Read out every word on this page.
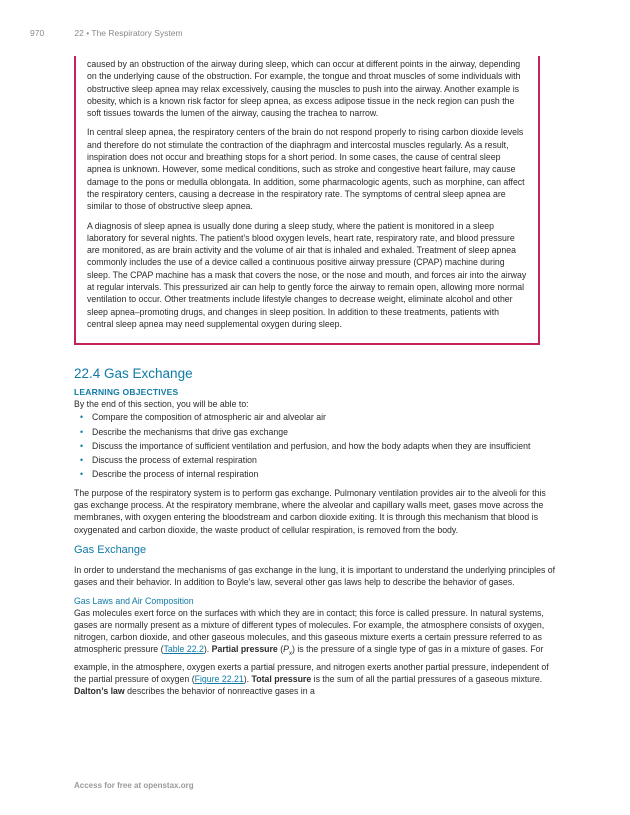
970	22 • The Respiratory System

caused by an obstruction of the airway during sleep, which can occur at different points in the airway, depending on the underlying cause of the obstruction. For example, the tongue and throat muscles of some individuals with obstructive sleep apnea may relax excessively, causing the muscles to push into the airway. Another example is obesity, which is a known risk factor for sleep apnea, as excess adipose tissue in the neck region can push the soft tissues towards the lumen of the airway, causing the trachea to narrow.

In central sleep apnea, the respiratory centers of the brain do not respond properly to rising carbon dioxide levels and therefore do not stimulate the contraction of the diaphragm and intercostal muscles regularly. As a result, inspiration does not occur and breathing stops for a short period. In some cases, the cause of central sleep apnea is unknown. However, some medical conditions, such as stroke and congestive heart failure, may cause damage to the pons or medulla oblongata. In addition, some pharmacologic agents, such as morphine, can affect the respiratory centers, causing a decrease in the respiratory rate. The symptoms of central sleep apnea are similar to those of obstructive sleep apnea.

A diagnosis of sleep apnea is usually done during a sleep study, where the patient is monitored in a sleep laboratory for several nights. The patient’s blood oxygen levels, heart rate, respiratory rate, and blood pressure are monitored, as are brain activity and the volume of air that is inhaled and exhaled. Treatment of sleep apnea commonly includes the use of a device called a continuous positive airway pressure (CPAP) machine during sleep. The CPAP machine has a mask that covers the nose, or the nose and mouth, and forces air into the airway at regular intervals. This pressurized air can help to gently force the airway to remain open, allowing more normal ventilation to occur. Other treatments include lifestyle changes to decrease weight, eliminate alcohol and other sleep apnea–promoting drugs, and changes in sleep position. In addition to these treatments, patients with central sleep apnea may need supplemental oxygen during sleep.

22.4 Gas Exchange
LEARNING OBJECTIVES
By the end of this section, you will be able to:
• Compare the composition of atmospheric air and alveolar air
• Describe the mechanisms that drive gas exchange
• Discuss the importance of sufficient ventilation and perfusion, and how the body adapts when they are insufficient
• Discuss the process of external respiration
• Describe the process of internal respiration

The purpose of the respiratory system is to perform gas exchange. Pulmonary ventilation provides air to the alveoli for this gas exchange process. At the respiratory membrane, where the alveolar and capillary walls meet, gases move across the membranes, with oxygen entering the bloodstream and carbon dioxide exiting. It is through this mechanism that blood is oxygenated and carbon dioxide, the waste product of cellular respiration, is removed from the body.

Gas Exchange

In order to understand the mechanisms of gas exchange in the lung, it is important to understand the underlying principles of gases and their behavior. In addition to Boyle’s law, several other gas laws help to describe the behavior of gases.

Gas Laws and Air Composition

Gas molecules exert force on the surfaces with which they are in contact; this force is called pressure. In natural systems, gases are normally present as a mixture of different types of molecules. For example, the atmosphere consists of oxygen, nitrogen, carbon dioxide, and other gaseous molecules, and this gaseous mixture exerts a certain pressure referred to as atmospheric pressure (Table 22.2). Partial pressure $(P_x)$ is the pressure of a single type of gas in a mixture of gases. For example, in the atmosphere, oxygen exerts a partial pressure, and nitrogen exerts another partial pressure, independent of the partial pressure of oxygen (Figure 22.21). Total pressure is the sum of all the partial pressures of a gaseous mixture. Dalton’s law describes the behavior of nonreactive gases in a

Access for free at openstax.org
